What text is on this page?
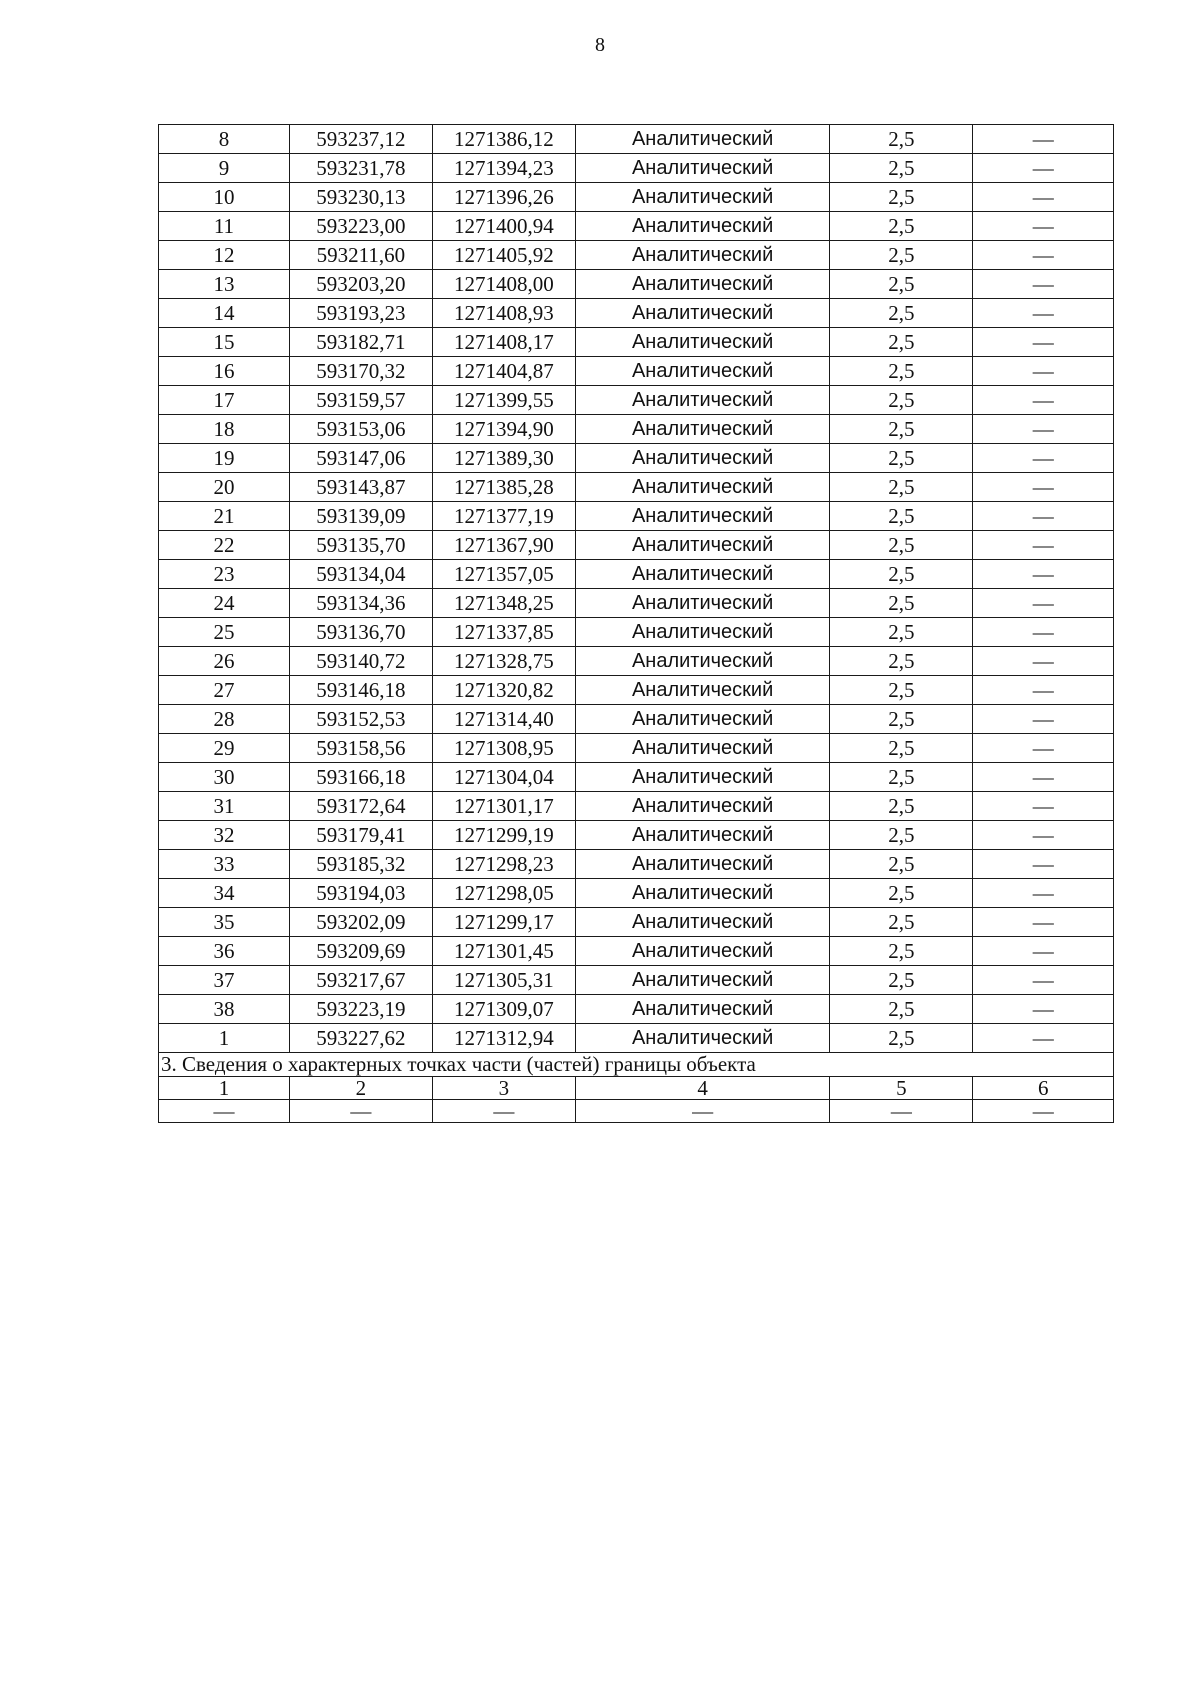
8
8	593237,12	1271386,12	Аналитический	2,5	—
9	593231,78	1271394,23	Аналитический	2,5	—
10	593230,13	1271396,26	Аналитический	2,5	—
11	593223,00	1271400,94	Аналитический	2,5	—
12	593211,60	1271405,92	Аналитический	2,5	—
13	593203,20	1271408,00	Аналитический	2,5	—
14	593193,23	1271408,93	Аналитический	2,5	—
15	593182,71	1271408,17	Аналитический	2,5	—
16	593170,32	1271404,87	Аналитический	2,5	—
17	593159,57	1271399,55	Аналитический	2,5	—
18	593153,06	1271394,90	Аналитический	2,5	—
19	593147,06	1271389,30	Аналитический	2,5	—
20	593143,87	1271385,28	Аналитический	2,5	—
21	593139,09	1271377,19	Аналитический	2,5	—
22	593135,70	1271367,90	Аналитический	2,5	—
23	593134,04	1271357,05	Аналитический	2,5	—
24	593134,36	1271348,25	Аналитический	2,5	—
25	593136,70	1271337,85	Аналитический	2,5	—
26	593140,72	1271328,75	Аналитический	2,5	—
27	593146,18	1271320,82	Аналитический	2,5	—
28	593152,53	1271314,40	Аналитический	2,5	—
29	593158,56	1271308,95	Аналитический	2,5	—
30	593166,18	1271304,04	Аналитический	2,5	—
31	593172,64	1271301,17	Аналитический	2,5	—
32	593179,41	1271299,19	Аналитический	2,5	—
33	593185,32	1271298,23	Аналитический	2,5	—
34	593194,03	1271298,05	Аналитический	2,5	—
35	593202,09	1271299,17	Аналитический	2,5	—
36	593209,69	1271301,45	Аналитический	2,5	—
37	593217,67	1271305,31	Аналитический	2,5	—
38	593223,19	1271309,07	Аналитический	2,5	—
1	593227,62	1271312,94	Аналитический	2,5	—
3. Сведения о характерных точках части (частей) границы объекта					
1	2	3	4	5	6
—	—	—	—	—	—
